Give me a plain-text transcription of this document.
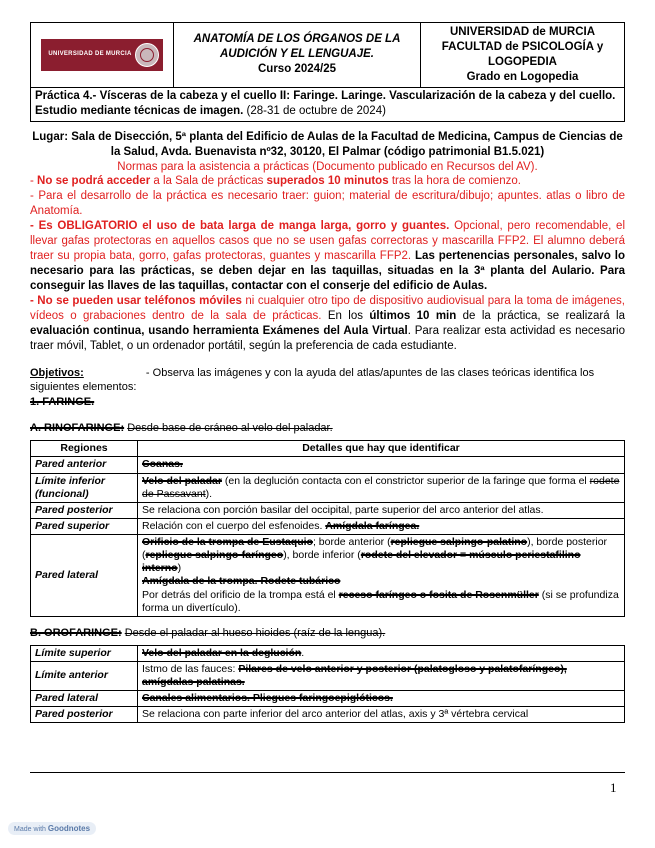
UNIVERSIDAD DE MURCIA

ANATOMÍA DE LOS ÓRGANOS DE LA
AUDICIÓN Y EL LENGUAJE.
Curso 2024/25

UNIVERSIDAD de MURCIA
FACULTAD de PSICOLOGÍA y LOGOPEDIA
Grado en Logopedia
Práctica 4.- Vísceras de la cabeza y el cuello II: Faringe. Laringe. Vascularización de la cabeza y del cuello. Estudio mediante técnicas de imagen. (28-31 de octubre de 2024)
Lugar: Sala de Disección, 5ª planta del Edificio de Aulas de la Facultad de Medicina, Campus de Ciencias de la Salud, Avda. Buenavista nº32, 30120, El Palmar (código patrimonial B1.5.021)
Normas para la asistencia a prácticas (Documento publicado en Recursos del AV).

- No se podrá acceder a la Sala de prácticas superados 10 minutos tras la hora de comienzo.

- Para el desarrollo de la práctica es necesario traer: guion; material de escritura/dibujo; apuntes. atlas o libro de Anatomía.

- Es OBLIGATORIO el uso de bata larga de manga larga, gorro y guantes. Opcional, pero recomendable, el llevar gafas protectoras en aquellos casos que no se usen gafas correctoras y mascarilla FFP2. El alumno deberá traer su propia bata, gorro, gafas protectoras, guantes y mascarilla FFP2. Las pertenencias personales, salvo lo necesario para las prácticas, se deben dejar en las taquillas, situadas en la 3ª planta del Aulario. Para conseguir las llaves de las taquillas, contactar con el conserje del edificio de Aulas.

- No se pueden usar teléfonos móviles ni cualquier otro tipo de dispositivo audiovisual para la toma de imágenes, vídeos o grabaciones dentro de la sala de prácticas. En los últimos 10 min de la práctica, se realizará la evaluación continua, usando herramienta Exámenes del Aula Virtual. Para realizar esta actividad es necesario traer móvil, Tablet, o un ordenador portátil, según la preferencia de cada estudiante.

Objetivos:	- Observa las imágenes y con la ayuda del atlas/apuntes de las clases teóricas identifica los siguientes elementos:
1. FARINGE.
A. RINOFARINGE: Desde base de cráneo al velo del paladar.
Regiones	Detalles que hay que identificar
Pared anterior	Coanas.
Límite inferior (funcional)	Velo del paladar (en la deglución contacta con el constrictor superior de la faringe que forma el rodete de Passavant).
Pared posterior	Se relaciona con porción basilar del occipital, parte superior del arco anterior del atlas.
Pared superior	Relación con el cuerpo del esfenoides. Amígdala faríngea.
Pared lateral	Orificio de la trompa de Eustaquio; borde anterior (repliegue salpingo-palatino), borde posterior (repliegue salpingo-faríngeo), borde inferior (rodete del elevador = músculo periestafilino interno)
Amígdala de la trompa. Rodete tubárico
Por detrás del orificio de la trompa está el receso faríngeo o fosita de Rosenmüller (si se profundiza forma un divertículo).
B. OROFARINGE: Desde el paladar al hueso hioides (raíz de la lengua).
Límite superior	Velo del paladar en la deglución.
Límite anterior	Istmo de las fauces: Pilares de velo anterior y posterior (palatogloso y palatofaríngeo), amígdalas palatinas.
Pared lateral	Canales alimentarios. Pliegues faringoepiglóticos.
Pared posterior	Se relaciona con parte inferior del arco anterior del atlas, axis y 3ª vértebra cervical
1
Made with Goodnotes
